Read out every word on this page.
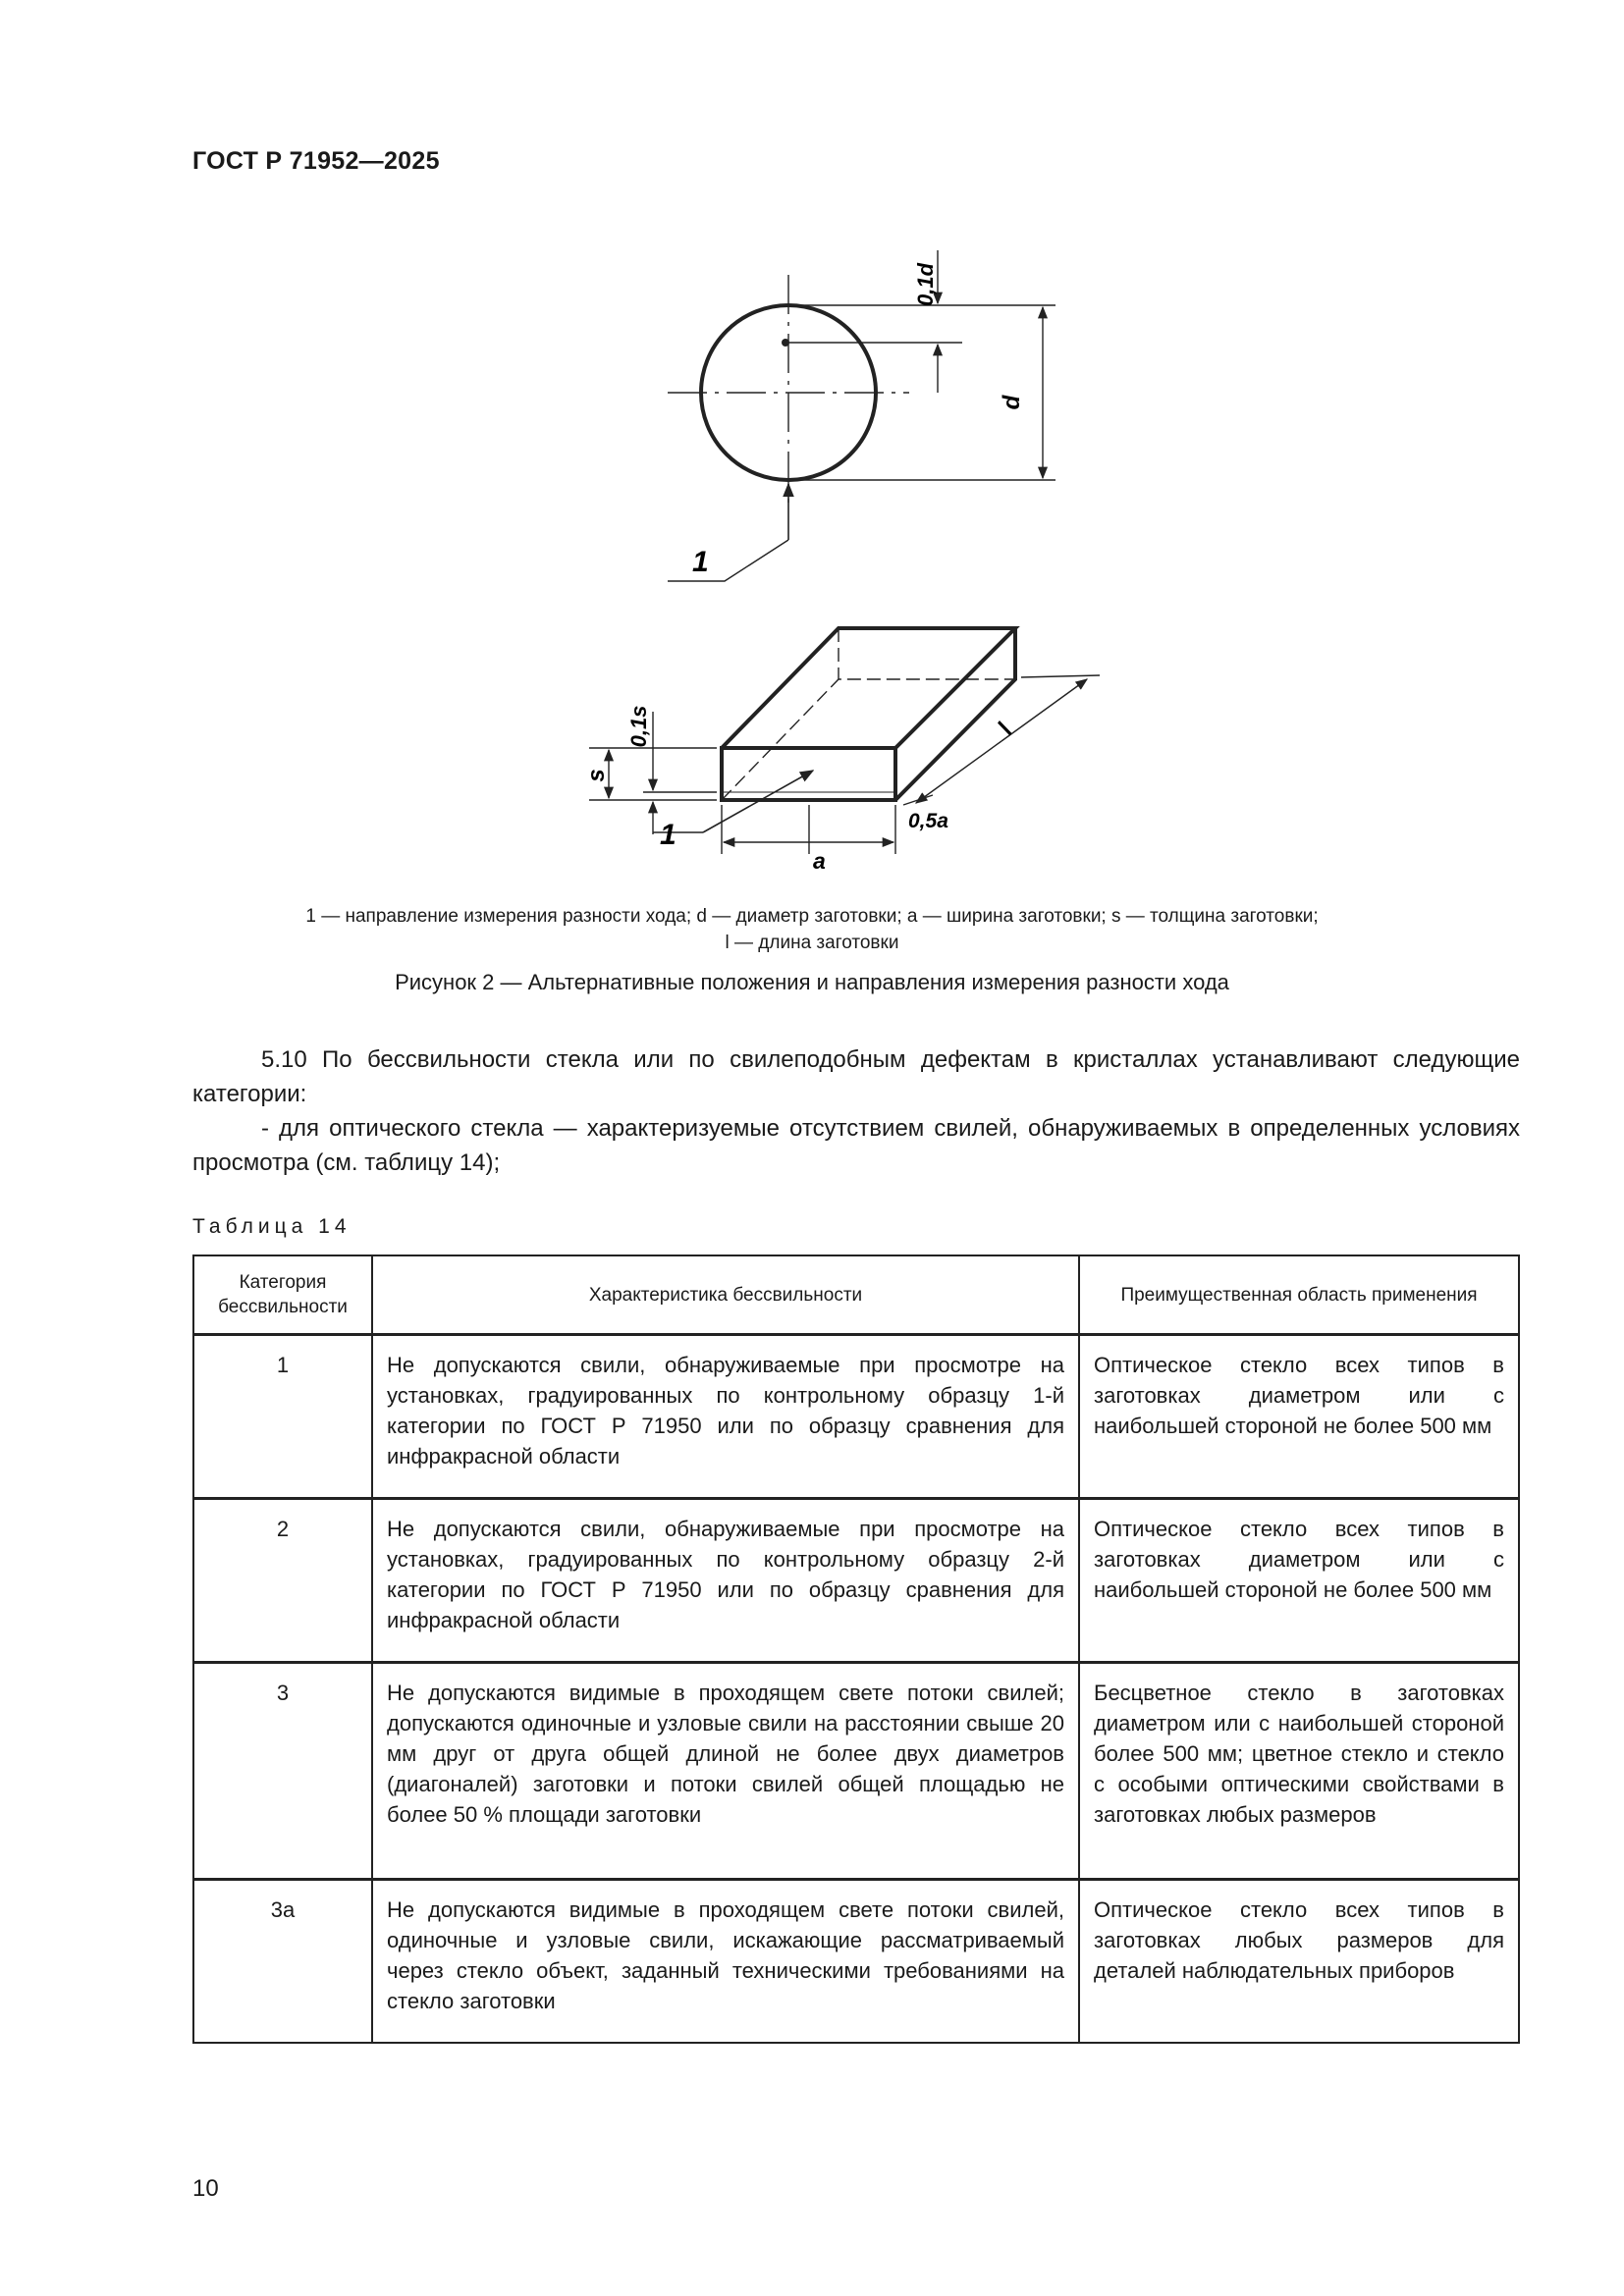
ГОСТ Р 71952—2025
0,1d
d
1
0,1s
s
1	0,5a
a
l
1 — направление измерения разности хода; d — диаметр заготовки; a — ширина заготовки; s — толщина заготовки;
l — длина заготовки
Рисунок 2 — Альтернативные положения и направления измерения разности хода
5.10 По бессвильности стекла или по свилеподобным дефектам в кристаллах устанавливают следующие категории:
- для оптического стекла — характеризуемые отсутствием свилей, обнаруживаемых в определенных условиях просмотра (см. таблицу 14);
Таблица 14
Категория бессвильности	Характеристика бессвильности	Преимущественная область применения
1	Не допускаются свили, обнаруживаемые при просмотре на установках, градуированных по контрольному образцу 1-й категории по ГОСТ Р 71950 или по образцу сравнения для инфракрасной области	Оптическое стекло всех типов в заготовках диаметром или с наибольшей стороной не более 500 мм
2	Не допускаются свили, обнаруживаемые при просмотре на установках, градуированных по контрольному образцу 2-й категории по ГОСТ Р 71950 или по образцу сравнения для инфракрасной области	Оптическое стекло всех типов в заготовках диаметром или с наибольшей стороной не более 500 мм
3	Не допускаются видимые в проходящем свете потоки свилей; допускаются одиночные и узловые свили на расстоянии свыше 20 мм друг от друга общей длиной не более двух диаметров (диагоналей) заготовки и потоки свилей общей площадью не более 50 % площади заготовки	Бесцветное стекло в заготовках диаметром или с наибольшей стороной более 500 мм; цветное стекло и стекло с особыми оптическими свойствами в заготовках любых размеров
3а	Не допускаются видимые в проходящем свете потоки свилей, одиночные и узловые свили, искажающие рассматриваемый через стекло объект, заданный техническими требованиями на стекло заготовки	Оптическое стекло всех типов в заготовках любых размеров для деталей наблюдательных приборов
10
